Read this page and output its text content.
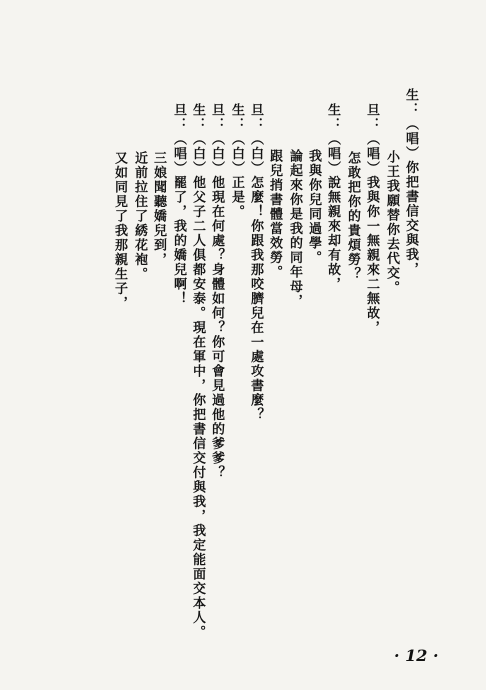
生：（唱）你把書信交與我，
小王我願替你去代交。
旦：（唱）我與你一無親來二無故，
怎敢把你的貴煩勞？
生：（唱）說無親來却有故，
我與你兒同過學。
論起來你是我的同年母，
跟兒捎書體當效勞。
旦：（白）怎麼！你跟我那咬臍兒在一處攻書麼？
生：（白）正是。
旦：（白）他現在何處？身體如何？你可會見過他的爹爹？
生：（白）他父子二人俱都安泰。現在軍中，你把書信交付與我，我定能面交本人。
旦：（唱）罷了，我的嬌兒啊！
三娘聞聽嬌兒到，
近前拉住了綉花袍。
又如同見了我那親生子，
· 12 ·
